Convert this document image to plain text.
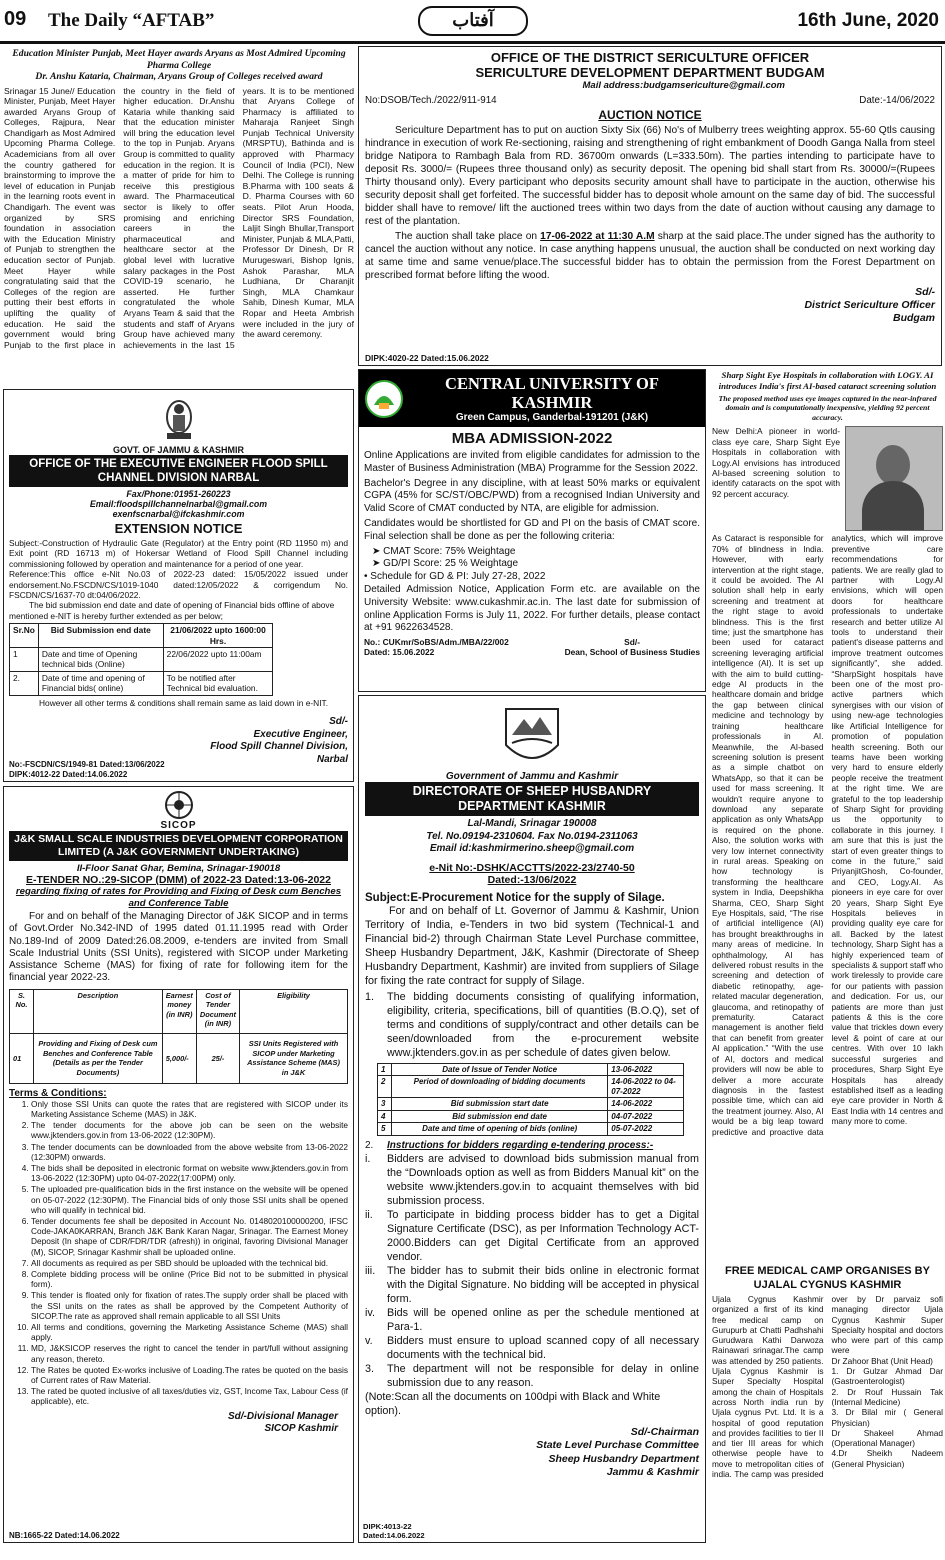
09 The Daily “AFTAB”	آفتاب	16th June, 2020
Education Minister Punjab, Meet Hayer awards Aryans as Most Admired Upcoming Pharma College
Dr. Anshu Kataria, Chairman, Aryans Group of Colleges received award
Srinagar 15 June// Education Minister, Punjab, Meet Hayer awarded Aryans Group of Colleges, Rajpura, Near Chandigarh as Most Admired Upcoming Pharma College. Academicians from all over the country gathered for brainstorming to improve the level of education in Punjab in the learning roots event in Chandigarh. The event was organized by SRS foundation in association with the Education Ministry of Punjab to strengthen the education sector of Punjab. Meet Hayer while congratulating said that the Colleges of the region are putting their best efforts in uplifting the quality of education. He said the government would bring Punjab to the first place in the country in the field of higher education. Dr.Anshu Kataria while thanking said that the education minister will bring the education level to the top in Punjab. Aryans Group is committed to quality education in the region. It is a matter of pride for him to receive this prestigious award. The Pharmaceutical sector is likely to offer promising and enriching careers in the pharmaceutical and healthcare sector at the global level with lucrative salary packages in the Post COVID-19 scenario, he asserted. He further congratulated the whole Aryans Team & said that the students and staff of Aryans Group have achieved many achievements in the last 15 years. It is to be mentioned that Aryans College of Pharmacy is affiliated to Maharaja Ranjeet Singh Punjab Technical University (MRSPTU), Bathinda and is approved with Pharmacy Council of India (PCI), New Delhi. The College is running B.Pharma with 100 seats & D. Pharma Courses with 60 seats. Pilot Arun Hooda, Director SRS Foundation, Laljit Singh Bhullar,Transport Minister, Punjab & MLA,Patti, Professor Dr Dinesh, Dr R Murugeswari, Bishop Ignis, Ashok Parashar, MLA Ludhiana, Dr Charanjit Singh, MLA Chamkaur Sahib, Dinesh Kumar, MLA Ropar and Heeta Ambrish were included in the jury of the award ceremony.
OFFICE OF THE DISTRICT SERICULTURE OFFICER
SERICULTURE DEVELOPMENT DEPARTMENT BUDGAM
Mail address:budgamsericulture@gmail.com
No:DSOB/Tech./2022/911-914	Date:-14/06/2022
AUCTION NOTICE
Sericulture Department has to put on auction Sixty Six (66) No's of Mulberry trees weighting approx. 55-60 Qtls causing hindrance in execution of work Re-sectioning, raising and strengthening of right embankment of Doodh Ganga Nalla from steel bridge Natipora to Rambagh Bala from RD. 36700m onwards (L=333.50m). The parties intending to participate have to deposit Rs. 3000/= (Rupees three thousand only) as security deposit. The opening bid shall start from Rs. 30000/=(Rupees Thirty thousand only). Every participant who deposits security amount shall have to participate in the auction, otherwise his security deposit shall get forfeited. The successful bidder has to deposit whole amount on the same day of bid. The successful bidder shall have to remove/ lift the auctioned trees within two days from the date of auction without causing any damage to rest of the plantation.
The auction shall take place on 17-06-2022 at 11:30 A.M sharp at the said place.The under signed has the authority to cancel the auction without any notice. In case anything happens unusual, the auction shall be conducted on next working day at same time and same venue/place.The successful bidder has to obtain the permission from the Forest Department on prescribed format before lifting the wood.
Sd/-
District Sericulture Officer
Budgam
DIPK:4020-22 Dated:15.06.2022
GOVT. OF JAMMU & KASHMIR
OFFICE OF THE EXECUTIVE ENGINEER FLOOD SPILL CHANNEL DIVISION NARBAL
Fax/Phone:01951-260223
Email:floodspillchannelnarbal@gmail.com
exenfscnarbal@ifckashmir.com
EXTENSION NOTICE
Subject:-Construction of Hydraulic Gate (Regulator) at the Entry point (RD 11950 m) and Exit point (RD 16713 m) of Hokersar Wetland of Flood Spill Channel including commissioning followed by operation and maintenance for a period of one year.
Reference:This office e-Nit No.03 of 2022-23 dated: 15/05/2022 issued under endorsement.No.FSCDN/CS/1019-1040 dated:12/05/2022 & corrigendum No. FSCDN/CS/1637-70 dt:04/06/2022.
The bid submission end date and date of opening of Financial bids offline of above mentioned e-NIT is hereby further extended as per below;
Sr.No	Bid Submission end date	21/06/2022 upto 1600:00 Hrs.
1	Date and time of Opening technical bids (Online)	22/06/2022 upto 11:00am
2.	Date of time and opening of Financial bids( online)	To be notified after Technical bid evaluation.
However all other terms & conditions shall remain same as laid down in e-NIT.
Sd/-
Executive Engineer,
Flood Spill Channel Division,
Narbal
No:-FSCDN/CS/1949-81 Dated:13/06/2022
DIPK:4012-22 Dated:14.06.2022
SICOP
J&K SMALL SCALE INDUSTRIES DEVELOPMENT CORPORATION LIMITED (A J&K GOVERNMENT UNDERTAKING)
II-Floor Sanat Ghar, Bemina, Srinagar-190018
E-TENDER NO.:29-SICOP (DMM) of 2022-23 Dated:13-06-2022
regarding fixing of rates for Providing and Fixing of Desk cum Benches and Conference Table
For and on behalf of the Managing Director of J&K SICOP and in terms of Govt.Order No.342-IND of 1995 dated 01.11.1995 read with Order No.189-Ind of 2009 Dated:26.08.2009, e-tenders are invited from Small Scale Industrial Units (SSI Units), registered with SICOP under Marketing Assistance Scheme (MAS) for fixing of rate for following item for the financial year 2022-23.
S. No.	Description	Earnest money (in INR)	Cost of Tender Document (in INR)	Eligibility
01	Providing and Fixing of Desk cum Benches and Conference Table (Details as per the Tender Documents)	5,000/-	25/-	SSI Units Registered with SICOP under Marketing Assistance Scheme (MAS) in J&K
Terms & Conditions:
1. Only those SSI Units can quote the rates that are registered with SICOP under its Marketing Assistance Scheme (MAS) in J&K.
2. The tender documents for the above job can be seen on the website www.jktenders.gov.in from 13-06-2022 (12:30PM).
3. The tender documents can be downloaded from the above website from 13-06-2022 (12:30PM) onwards.
4. The bids shall be deposited in electronic format on website www.jktenders.gov.in from 13-06-2022 (12:30PM) upto 04-07-2022(17:00PM) only.
5. The uploaded pre-qualification bids in the first instance on the website will be opened on 05-07-2022 (12:30PM). The Financial bids of only those SSI units shall be opened who will qualify in technical bid.
6. Tender documents fee shall be deposited in Account No. 0148020100000200, IFSC Code-JAKA0KARRAN, Branch J&K Bank Karan Nagar, Srinagar. The Earnest Money Deposit (In shape of CDR/FDR/TDR (afresh)) in original, favoring Divisional Manager (M), SICOP, Srinagar Kashmir shall be uploaded online.
7. All documents as required as per SBD should be uploaded with the technical bid.
8. Complete bidding process will be online (Price Bid not to be submitted in physical form).
9. This tender is floated only for fixation of rates.The supply order shall be placed with the SSI units on the rates as shall be approved by the Competent Authority of SICOP.The rate as approved shall remain applicable to all SSI Units
10. All terms and conditions, governing the Marketing Assistance Scheme (MAS) shall apply.
11. MD, J&KSICOP reserves the right to cancel the tender in part/full without assigning any reason, thereto.
12. The Rates be quoted Ex-works inclusive of Loading.The rates be quoted on the basis of Current rates of Raw Material.
13. The rated be quoted inclusive of all taxes/duties viz, GST, Income Tax, Labour Cess (if applicable), etc.
Sd/-Divisional Manager
SICOP Kashmir
NB:1665-22 Dated:14.06.2022
CENTRAL UNIVERSITY OF KASHMIR
Green Campus, Ganderbal-191201 (J&K)
MBA ADMISSION-2022
Online Applications are invited from eligible candidates for admission to the Master of Business Administration (MBA) Programme for the Session 2022.
Bachelor's Degree in any discipline, with at least 50% marks or equivalent CGPA (45% for SC/ST/OBC/PWD) from a recognised Indian University and Valid Score of CMAT conducted by NTA, are eligible for admission.
Candidates would be shortlisted for GD and PI on the basis of CMAT score. Final selection shall be done as per the following criteria:
➤ CMAT Score: 75% Weightage
➤ GD/PI Score: 25 % Weightage
• Schedule for GD & PI: July 27-28, 2022
Detailed Admission Notice, Application Form etc. are available on the University Website: www.cukashmir.ac.in. The last date for submission of online Application Forms is July 11, 2022. For further details, please contact at +91 9622634528.
No.: CUKmr/SoBS/Adm./MBA/22/002	Sd/-
Dated: 15.06.2022	Dean, School of Business Studies
Government of Jammu and Kashmir
DIRECTORATE OF SHEEP HUSBANDRY DEPARTMENT KASHMIR
Lal-Mandi, Srinagar 190008
Tel. No.09194-2310604. Fax No.0194-2311063
Email id:kashmirmerino.sheep@gmail.com
e-Nit No:-DSHK/ACCTTS/2022-23/2740-50
Dated:-13/06/2022
Subject:E-Procurement Notice for the supply of Silage.
For and on behalf of Lt. Governor of Jammu & Kashmir, Union Territory of India, e-Tenders in two bid system (Technical-1 and Financial bid-2) through Chairman State Level Purchase committee, Sheep Husbandry Department, J&K, Kashmir (Directorate of Sheep Husbandry Department, Kashmir) are invited from suppliers of Silage for fixing the rate contract for supply of Silage.
1.	The bidding documents consisting of qualifying information, eligibility, criteria, specifications, bill of quantities (B.O.Q), set of terms and conditions of supply/contract and other details can be seen/downloaded from the e-procurement website www.jktenders.gov.in as per schedule of dates given below.
1	Date of Issue of Tender Notice	13-06-2022
2	Period of downloading of bidding documents	14-06-2022 to 04-07-2022
3	Bid submission start date	14-06-2022
4	Bid submission end date	04-07-2022
5	Date and time of opening of bids (online)	05-07-2022
2.	Instructions for bidders regarding e-tendering process:-
i.	Bidders are advised to download bids submission manual from the “Downloads option as well as from Bidders Manual kit” on the website www.jktenders.gov.in to acquaint themselves with bid submission process.
ii.	To participate in bidding process bidder has to get a Digital Signature Certificate (DSC), as per Information Technology ACT-2000.Bidders can get Digital Certificate from an approved vendor.
iii.	The bidder has to submit their bids online in electronic format with the Digital Signature. No bidding will be accepted in physical form.
iv.	Bids will be opened online as per the schedule mentioned at Para-1.
v.	Bidders must ensure to upload scanned copy of all necessary documents with the technical bid.
3.	The department will not be responsible for delay in online submission due to any reason.
(Note:Scan all the documents on 100dpi with Black and White option).
Sd/-Chairman
State Level Purchase Committee
Sheep Husbandry Department
Jammu & Kashmir
DIPK:4013-22 Dated:14.06.2022
Sharp Sight Eye Hospitals in collaboration with LOGY. AI introduces India's first AI-based cataract screening solution
The proposed method uses eye images captured in the near-infrared domain and is computationally inexpensive, yielding 92 percent accuracy.
New Delhi:A pioneer in world-class eye care, Sharp Sight Eye Hospitals in collaboration with Logy.AI envisions has introduced AI-based screening solution to identify cataracts on the spot with 92 percent accuracy.
As Cataract is responsible for 70% of blindness in India. However, with early intervention at the right stage, it could be avoided. The AI solution shall help in early screening and treatment at the right stage to avoid blindness. This is the first time; just the smartphone has been used for cataract screening leveraging artificial intelligence (AI). It is set up with the aim to build cutting-edge AI products in the healthcare domain and bridge the gap between clinical medicine and technology by training healthcare professionals in AI. Meanwhile, the AI-based screening solution is present as a simple chatbot on WhatsApp, so that it can be used for mass screening. It wouldn't require anyone to download any separate application as only WhatsApp is required on the phone. Also, the solution works with very low internet connectivity in rural areas. Speaking on how technology is transforming the healthcare system in India, Deepshikha Sharma, CEO, Sharp Sight Eye Hospitals, said, “The rise of artificial intelligence (AI) has brought breakthroughs in many areas of medicine. In ophthalmology, AI has delivered robust results in the screening and detection of diabetic retinopathy, age-related macular degeneration, glaucoma, and retinopathy of prematurity. Cataract management is another field that can benefit from greater AI application.” “With the use of AI, doctors and medical providers will now be able to deliver a more accurate diagnosis in the fastest possible time, which can aid the treatment journey. Also, AI would be a big leap toward predictive and proactive data analytics, which will improve preventive care recommendations for patients. We are really glad to partner with Logy.AI envisions, which will open doors for healthcare professionals to undertake research and better utilize AI tools to understand their patient's disease patterns and improve treatment outcomes significantly”, she added. “SharpSight hospitals have been one of the most pro-active partners which synergises with our vision of using new-age technologies like Artificial Intelligence for promotion of population health screening. Both our teams have been working very hard to ensure elderly people receive the treatment at the right time. We are grateful to the top leadership of Sharp Sight for providing us the opportunity to collaborate in this journey. I am sure that this is just the start of even greater things to come in the future,” said PriyanjitGhosh, Co-founder, and CEO, Logy.AI. As pioneers in eye care for over 20 years, Sharp Sight Eye Hospitals believes in providing quality eye care for all. Backed by the latest technology, Sharp Sight has a highly experienced team of specialists & support staff who work tirelessly to provide care for our patients with passion and dedication. For us, our patients are more than just patients & this is the core value that trickles down every level & point of care at our centres. With over 10 lakh successful surgeries and procedures, Sharp Sight Eye Hospitals has already established itself as a leading eye care provider in North & East India with 14 centres and many more to come.
FREE MEDICAL CAMP ORGANISES BY UJALAL CYGNUS KASHMIR
Ujala Cygnus Kashmir organized a first of its kind free medical camp on Gurupurb at Chatti Padhshahi Gurudwara Kathi Darwoza Rainawari srinagar.The camp was attended by 250 patients. Ujala Cygnus Kashmir is Super Specialty Hospital among the chain of Hospitals across North india run by Ujala cygnus Pvt. Ltd. It is a hospital of good reputation and provides facilities to tier II and tier III areas for which otherwise people have to move to metropolitan cities of india. The camp was presided over by Dr parvaiz sofi managing director Ujala Cygnus Kashmir Super Specialty hospital and doctors who were part of this camp were
Dr Zahoor Bhat (Unit Head)
1. Dr Gulzar Ahmad Dar (Gastroenterologist)
2. Dr Rouf Hussain Tak (Internal Medicine)
3. Dr Bilal mir ( General Physician)
Dr Shakeel Ahmad (Operational Manager)
4.Dr Sheikh Nadeem (General Physician)
